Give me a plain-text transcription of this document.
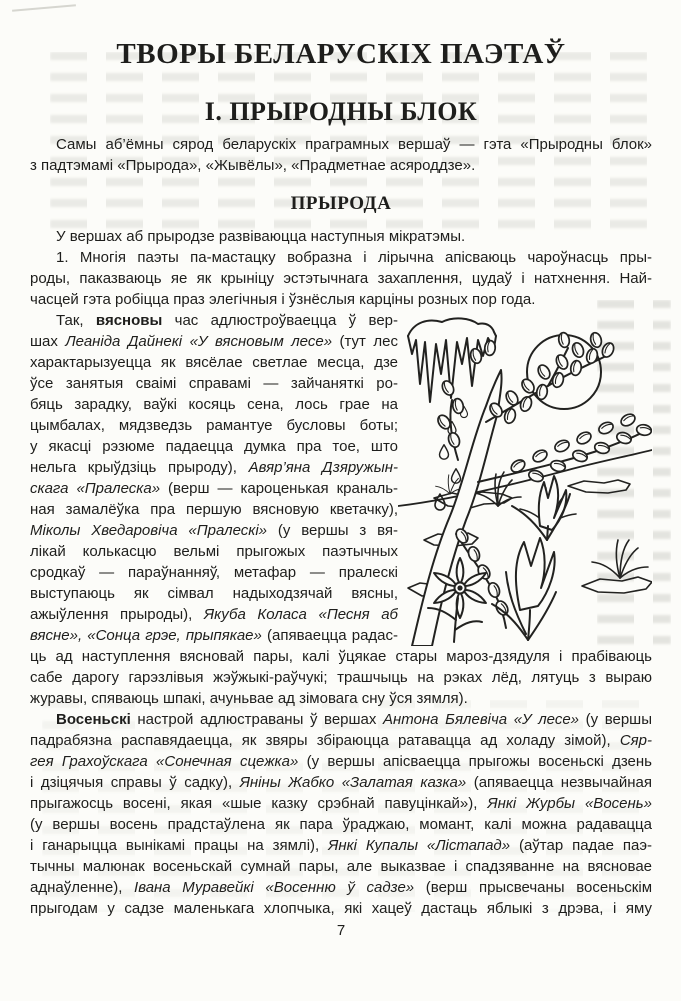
ТВОРЫ БЕЛАРУСКІХ ПАЭТАЎ
І. ПРЫРОДНЫ БЛОК
Самы аб’ёмны сярод беларускіх праграмных вершаў — гэта «Прыродны блок»
з падтэмамі «Прырода», «Жывёлы», «Прадметнае асяроддзе».
ПРЫРОДА
У вершах аб прыродзе развіваюцца наступныя мікратэмы.
1. Многія паэты па-мастацку вобразна і лірычна апісваюць чароўнасць пры-
роды, паказваюць яе як крыніцу эстэтычнага захаплення, цудаў і натхнення. Най-
часцей гэта робіцца праз элегічныя і ўзнёслыя карціны розных пор года.
Так, вясновы час адлюстроўваецца ў вер-
шах Леаніда Дайнекі «У вясновым лесе» (тут лес
характарызуецца як вясёлае светлае месца, дзе
ўсе занятыя сваімі справамі — зайчаняткі ро-
бяць зарадку, ваўкі косяць сена, лось грае на
цымбалах, мядзведзь рамантуе бусловы боты;
у якасці рэзюме падаецца думка пра тое, што
нельга крыўдзіць прыроду), Авяр’яна Дзяружын-
скага «Пралеска» (верш — кароценькая краналь-
ная замалёўка пра першую вясновую кветачку),
Міколы Хведаровіча «Пралескі» (у вершы з вя-
лікай колькасцю вельмі прыгожых паэтычных
сродкаў — параўнанняў, метафар — пралескі
выступаюць як сімвал надыходзячай вясны,
ажыўлення прыроды), Якуба Коласа «Песня аб
вясне», «Сонца грэе, прыпякае» (апяваецца радас-
ць ад наступлення вясновай пары, калі ўцякае стары мароз-дзядуля і прабіваюць
сабе дарогу гарэзлівыя жэўжыкі-раўчукі; трашчыць на рэках лёд, лятуць з выраю
журавы, спяваюць шпакі, ачуньвае ад зімовага сну ўся зямля).
Восеньскі настрой адлюстраваны ў вершах Антона Бялевіча «У лесе» (у вершы
падрабязна распавядаецца, як звяры збіраюцца ратавацца ад холаду зімой), Сяр-
гея Грахоўскага «Сонечная сцежка» (у вершы апісваецца прыгожы восеньскі дзень
і дзіцячыя справы ў садку), Яніны Жабко «Залатая казка» (апяваецца незвычайная
прыгажосць восені, якая «шые казку срэбнай павуцінкай»), Янкі Журбы «Восень»
(у вершы восень прадстаўлена як пара ўраджаю, момант, калі можна радавацца
і ганарыцца вынікамі працы на зямлі), Янкі Купалы «Лістапад» (аўтар падае паэ-
тычны малюнак восеньскай сумнай пары, але выказвае і спадзяванне на вясновае
аднаўленне), Івана Муравейкі «Восенню ў садзе» (верш прысвечаны восеньскім
прыгодам у садзе маленькага хлопчыка, які хацеў дастаць яблыкі з дрэва, і яму
7
